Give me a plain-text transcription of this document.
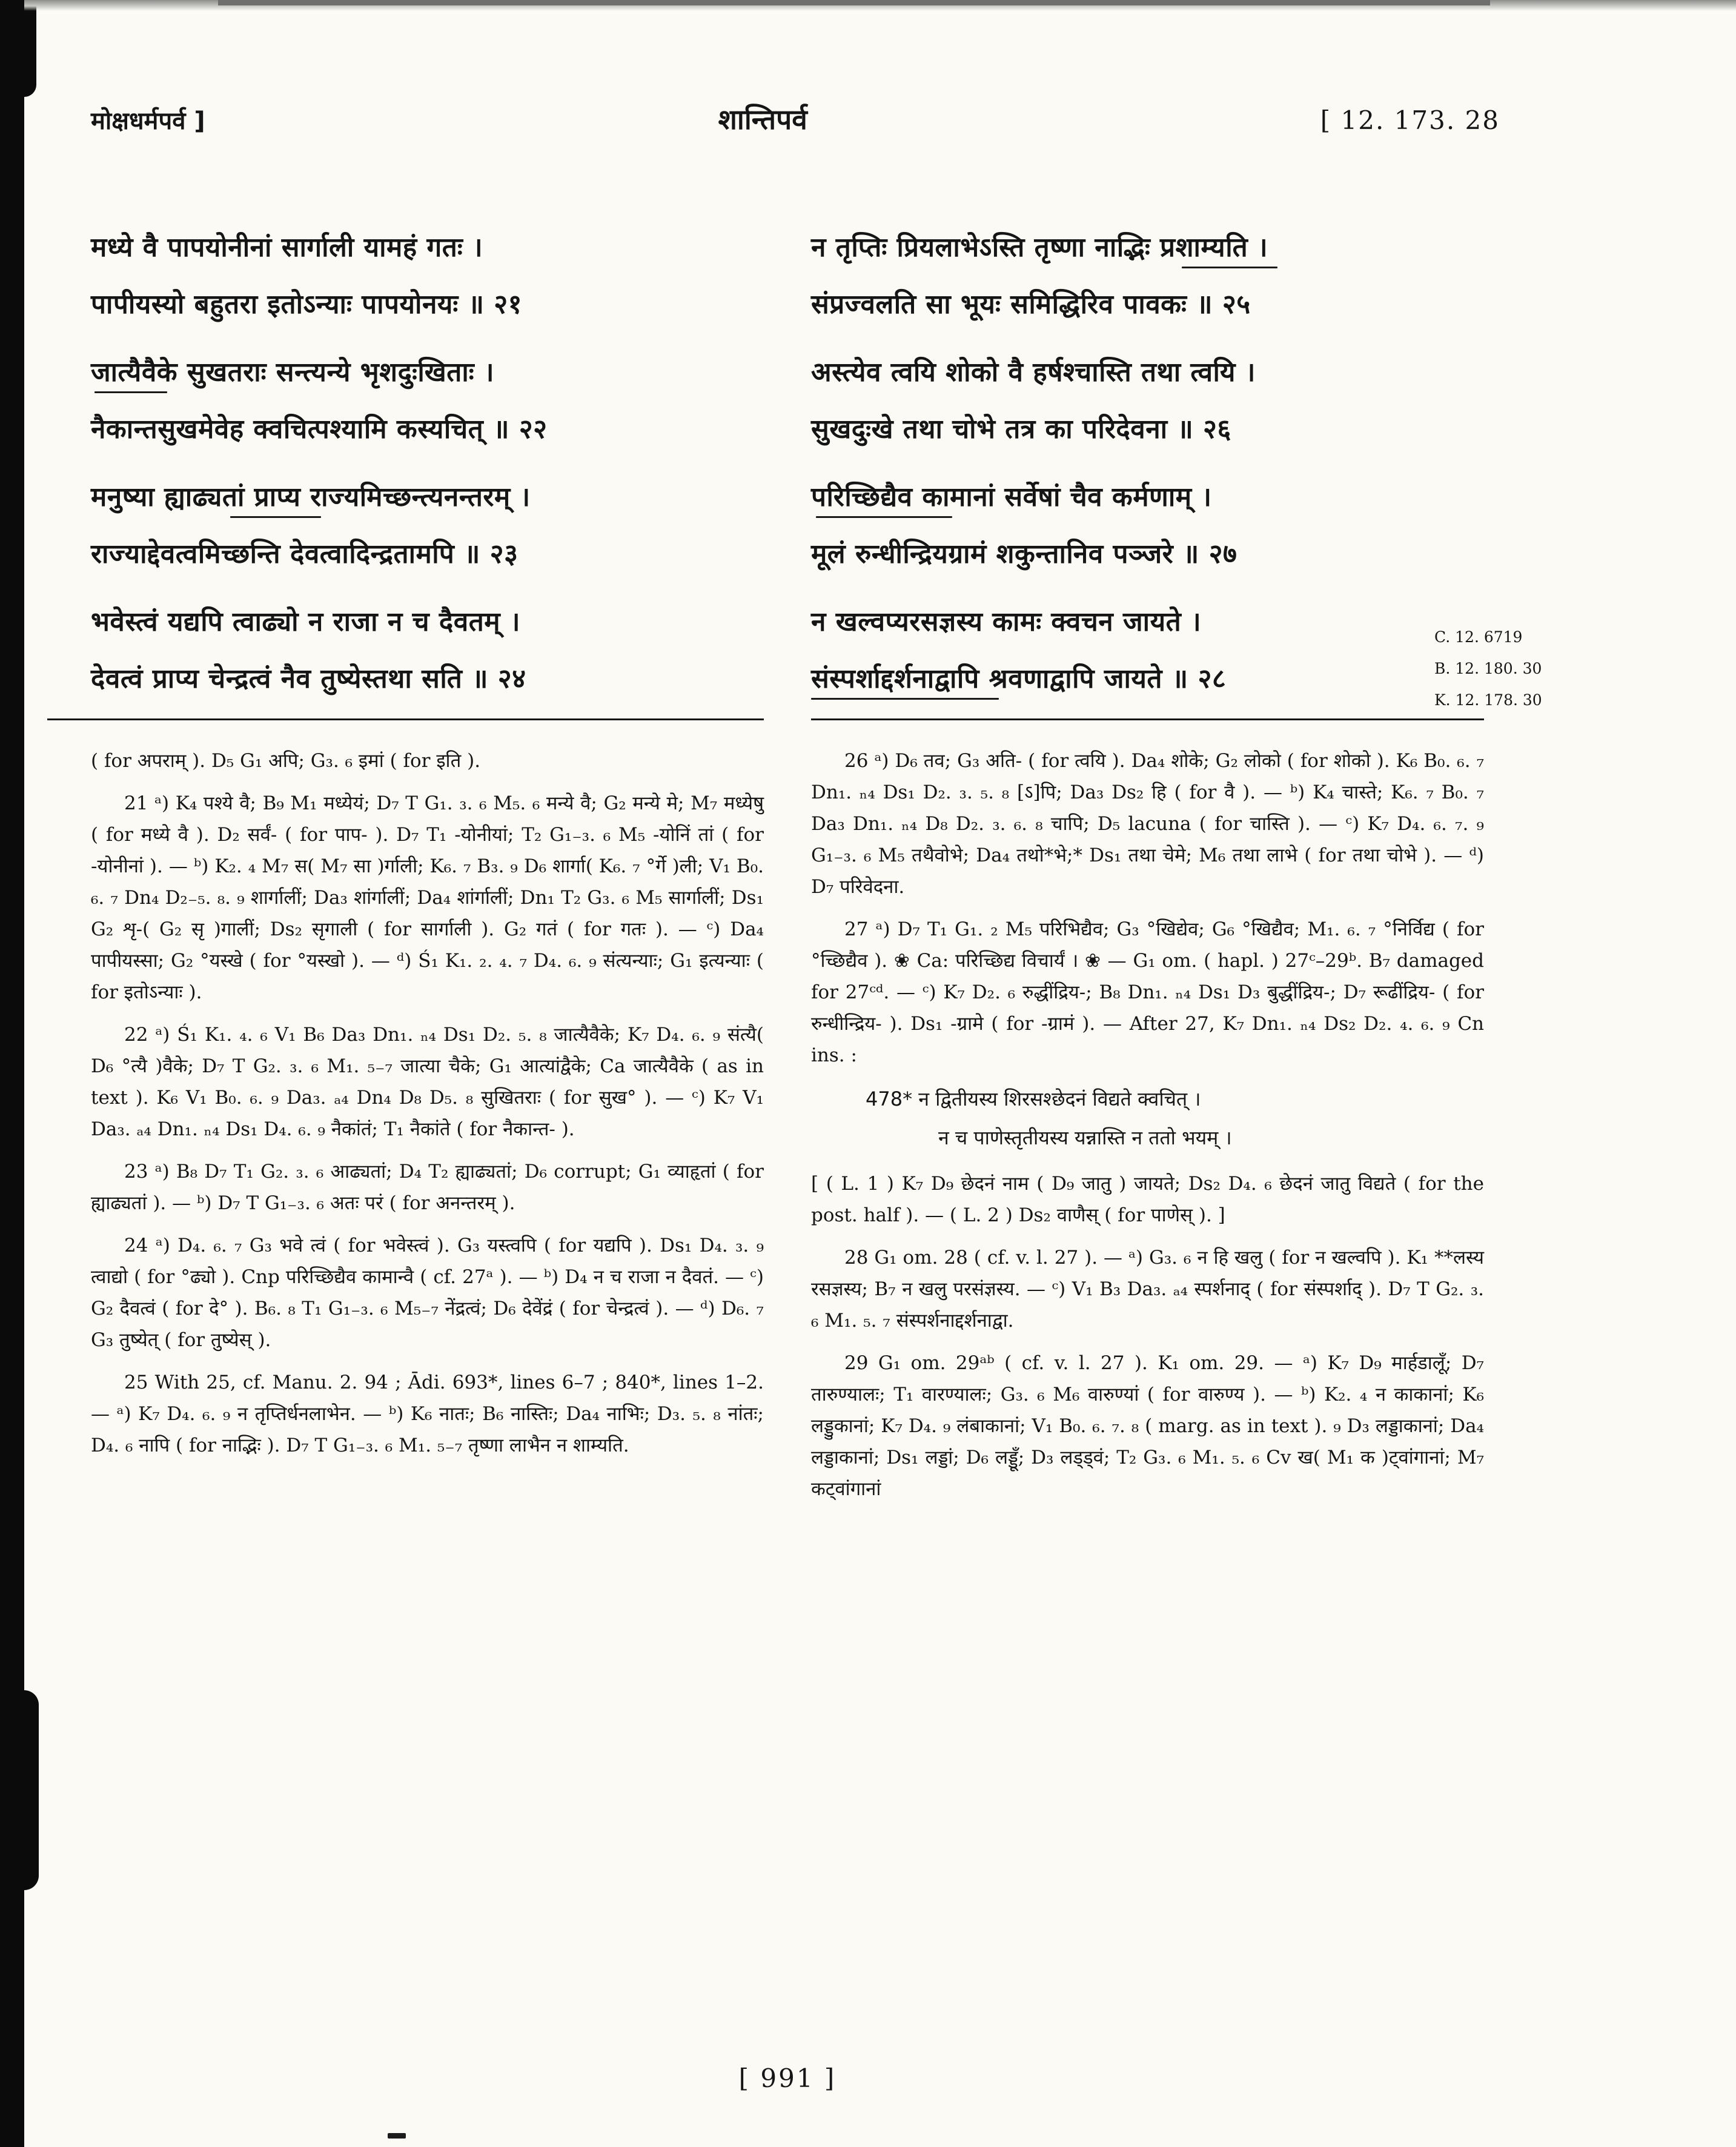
मोक्षधर्मपर्व ]	शान्तिपर्व	[ 12. 173. 28
मध्ये वै पापयोनीनां सार्गाली यामहं गतः ।
पापीयस्यो बहुतरा इतोऽन्याः पापयोनयः ॥ २१
जात्यैवैके सुखतराः सन्त्यन्ये भृशदुःखिताः ।
नैकान्तसुखमेवेह क्वचित्पश्यामि कस्यचित् ॥ २२
मनुष्या ह्याढ्यतां प्राप्य राज्यमिच्छन्त्यनन्तरम् ।
राज्याद्देवत्वमिच्छन्ति देवत्वादिन्द्रतामपि ॥ २३
भवेस्त्वं यद्यपि त्वाढ्यो न राजा न च दैवतम् ।
देवत्वं प्राप्य चेन्द्रत्वं नैव तुष्येस्तथा सति ॥ २४
न तृप्तिः प्रियलाभेऽस्ति तृष्णा नाद्भिः प्रशाम्यति ।
संप्रज्वलति सा भूयः समिद्धिरिव पावकः ॥ २५
अस्त्येव त्वयि शोको वै हर्षश्चास्ति तथा त्वयि ।
सुखदुःखे तथा चोभे तत्र का परिदेवना ॥ २६
परिच्छिद्यैव कामानां सर्वेषां चैव कर्मणाम् ।
मूलं रुन्धीन्द्रियग्रामं शकुन्तानिव पञ्जरे ॥ २७
न खल्वप्यरसज्ञस्य कामः क्वचन जायते ।
संस्पर्शाद्दर्शनाद्वापि श्रवणाद्वापि जायते ॥ २८
C. 12. 6719
B. 12. 180. 30
K. 12. 178. 30

( for अपराम् ). D₅ G₁ अपि; G₃. ₆ इमां ( for इति ).

21 ᵃ) K₄ पश्ये वै; B₉ M₁ मध्येयं; D₇ T G₁. ₃. ₆ M₅. ₆ मन्ये वै; G₂ मन्ये मे; M₇ मध्येषु ( for मध्ये वै ). D₂ सर्वं- ( for पाप- ). D₇ T₁ -योनीयां; T₂ G₁₋₃. ₆ M₅ -योनिं तां ( for -योनीनां ). — ᵇ) K₂. ₄ M₇ स( M₇ सा )र्गाली; K₆. ₇ B₃. ₉ D₆ शार्गा( K₆. ₇ °र्गे )ली; V₁ B₀. ₆. ₇ Dn₄ D₂₋₅. ₈. ₉ शार्गालीं; Da₃ शांर्गालीं; Da₄ शांर्गालीं; Dn₁ T₂ G₃. ₆ M₅ सार्गालीं; Ds₁ G₂ शृ-( G₂ सृ )गालीं; Ds₂ सृगाली ( for सार्गाली ). G₂ गतं ( for गतः ). — ᶜ) Da₄ पापीयस्सा; G₂ °यस्खे ( for °यस्खो ). — ᵈ) Ś₁ K₁. ₂. ₄. ₇ D₄. ₆. ₉ संत्यन्याः; G₁ इत्यन्याः ( for इतोऽन्याः ).

22 ᵃ) Ś₁ K₁. ₄. ₆ V₁ B₆ Da₃ Dn₁. ₙ₄ Ds₁ D₂. ₅. ₈ जात्यैवैके; K₇ D₄. ₆. ₉ संत्यै( D₆ °त्यै )वैके; D₇ T G₂. ₃. ₆ M₁. ₅₋₇ जात्या चैके; G₁ आत्यांद्वैके; Ca जात्यैवैके ( as in text ). K₆ V₁ B₀. ₆. ₉ Da₃. ₐ₄ Dn₄ D₈ D₅. ₈ सुखितराः ( for सुख° ). — ᶜ) K₇ V₁ Da₃. ₐ₄ Dn₁. ₙ₄ Ds₁ D₄. ₆. ₉ नैकांतं; T₁ नैकांते ( for नैकान्त- ).

23 ᵃ) B₈ D₇ T₁ G₂. ₃. ₆ आढ्यतां; D₄ T₂ ह्याढ्यतां; D₆ corrupt; G₁ व्याहृतां ( for ह्याढ्यतां ). — ᵇ) D₇ T G₁₋₃. ₆ अतः परं ( for अनन्तरम् ).

24 ᵃ) D₄. ₆. ₇ G₃ भवे त्वं ( for भवेस्त्वं ). G₃ यस्त्वपि ( for यद्यपि ). Ds₁ D₄. ₃. ₉ त्वाद्यो ( for °ढ्यो ). Cnp परिच्छिद्यैव कामान्वै ( cf. 27ᵃ ). — ᵇ) D₄ न च राजा न दैवतं. — ᶜ) G₂ दैवत्वं ( for दे° ). B₆. ₈ T₁ G₁₋₃. ₆ M₅₋₇ नेंद्रत्वं; D₆ देवेंद्रं ( for चेन्द्रत्वं ). — ᵈ) D₆. ₇ G₃ तुष्येत् ( for तुष्येस् ).

25 With 25, cf. Manu. 2. 94 ; Ādi. 693*, lines 6–7 ; 840*, lines 1–2. — ᵃ) K₇ D₄. ₆. ₉ न तृप्तिर्धनलाभेन. — ᵇ) K₆ नातः; B₆ नास्तिः; Da₄ नाभिः; D₃. ₅. ₈ नांतः; D₄. ₆ नापि ( for नाद्भिः ). D₇ T G₁₋₃. ₆ M₁. ₅₋₇ तृष्णा लाभैन न शाम्यति.

26 ᵃ) D₆ तव; G₃ अति- ( for त्वयि ). Da₄ शोके; G₂ लोको ( for शोको ). K₆ B₀. ₆. ₇ Dn₁. ₙ₄ Ds₁ D₂. ₃. ₅. ₈ [ऽ]पि; Da₃ Ds₂ हि ( for वै ). — ᵇ) K₄ चास्ते; K₆. ₇ B₀. ₇ Da₃ Dn₁. ₙ₄ D₈ D₂. ₃. ₆. ₈ चापि; D₅ lacuna ( for चास्ति ). — ᶜ) K₇ D₄. ₆. ₇. ₉ G₁₋₃. ₆ M₅ तथैवोभे; Da₄ तथो*भे;* Ds₁ तथा चेमे; M₆ तथा लाभे ( for तथा चोभे ). — ᵈ) D₇ परिवेदना.

27 ᵃ) D₇ T₁ G₁. ₂ M₅ परिभिद्यैव; G₃ °खिद्येव; G₆ °खिद्यैव; M₁. ₆. ₇ °निर्विद्य ( for °च्छिद्यैव ). ❀ Ca: परिच्छिद्य विचार्यं । ❀ — G₁ om. ( hapl. ) 27ᶜ–29ᵇ. B₇ damaged for 27ᶜᵈ. — ᶜ) K₇ D₂. ₆ रुद्धींद्रिय-; B₈ Dn₁. ₙ₄ Ds₁ D₃ बुद्धींद्रिय-; D₇ रूढींद्रिय- ( for रुन्धीन्द्रिय- ). Ds₁ -ग्रामे ( for -ग्रामं ). — After 27, K₇ Dn₁. ₙ₄ Ds₂ D₂. ₄. ₆. ₉ Cn ins. :

478* न द्वितीयस्य शिरसश्छेदनं विद्यते क्वचित् ।

न च पाणेस्तृतीयस्य यन्नास्ति न ततो भयम् ।

[ ( L. 1 ) K₇ D₉ छेदनं नाम ( D₉ जातु ) जायते; Ds₂ D₄. ₆ छेदनं जातु विद्यते ( for the post. half ). — ( L. 2 ) Ds₂ वाणैस् ( for पाणेस् ). ]

28 G₁ om. 28 ( cf. v. l. 27 ). — ᵃ) G₃. ₆ न हि खलु ( for न खल्वपि ). K₁ **लस्य रसज्ञस्य; B₇ न खलु परसंज्ञस्य. — ᶜ) V₁ B₃ Da₃. ₐ₄ स्पर्शनाद् ( for संस्पर्शाद् ). D₇ T G₂. ₃. ₆ M₁. ₅. ₇ संस्पर्शनाद्दर्शनाद्वा.

29 G₁ om. 29ᵃᵇ ( cf. v. l. 27 ). K₁ om. 29. — ᵃ) K₇ D₉ मार्हडालूँ; D₇ तारुण्यालः; T₁ वारण्यालः; G₃. ₆ M₆ वारुण्यां ( for वारुण्य ). — ᵇ) K₂. ₄ न काकानां; K₆ लड्डुकानां; K₇ D₄. ₉ लंबाकानां; V₁ B₀. ₆. ₇. ₈ ( marg. as in text ). ₉ D₃ लड्डाकानां; Da₄ लड्डाकानां; Ds₁ लड्डां; D₆ लड्डूँ; D₃ लड्ड्वं; T₂ G₃. ₆ M₁. ₅. ₆ Cv ख( M₁ क )ट्वांगानां; M₇ कट्वांगानां

[ 991 ]
